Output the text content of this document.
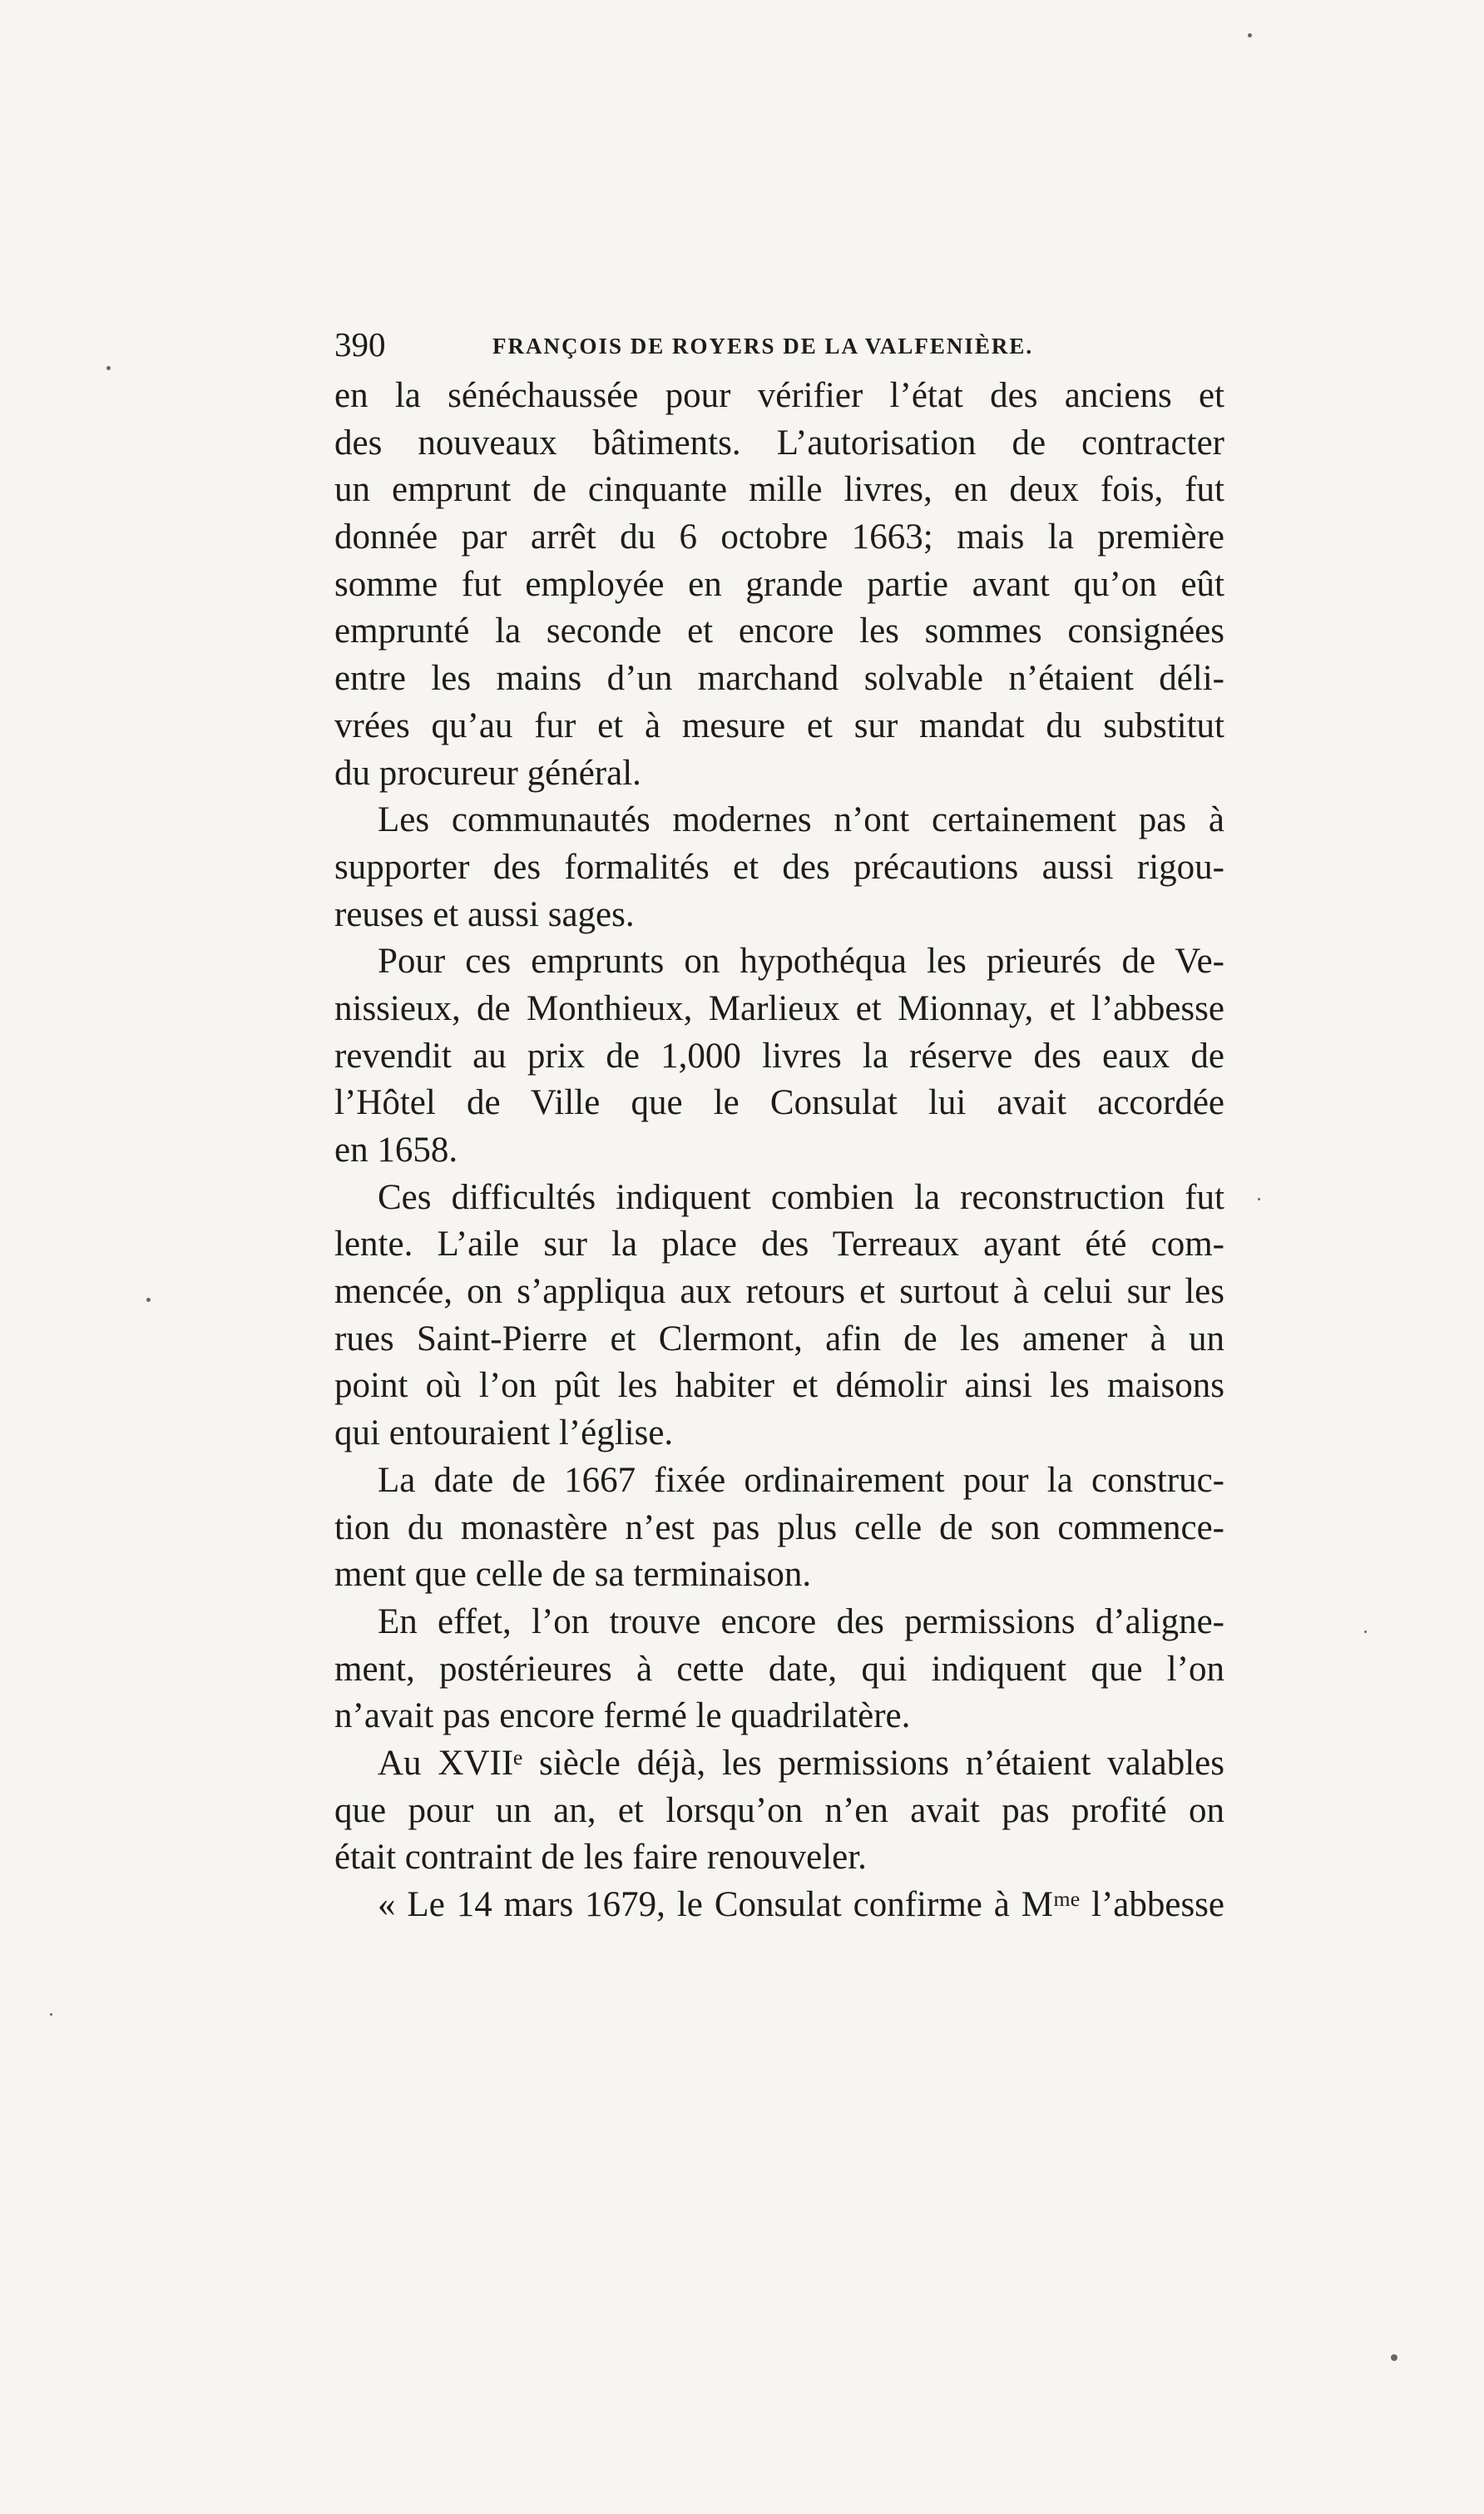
390	FRANÇOIS DE ROYERS DE LA VALFENIÈRE.
en la sénéchaussée pour vérifier l’état des anciens et
des nouveaux bâtiments. L’autorisation de contracter
un emprunt de cinquante mille livres, en deux fois, fut
donnée par arrêt du 6 octobre 1663; mais la première
somme fut employée en grande partie avant qu’on eût
emprunté la seconde et encore les sommes consignées
entre les mains d’un marchand solvable n’étaient déli-
vrées qu’au fur et à mesure et sur mandat du substitut
du procureur général.
Les communautés modernes n’ont certainement pas à
supporter des formalités et des précautions aussi rigou-
reuses et aussi sages.
Pour ces emprunts on hypothéqua les prieurés de Ve-
nissieux, de Monthieux, Marlieux et Mionnay, et l’abbesse
revendit au prix de 1,000 livres la réserve des eaux de
l’Hôtel de Ville que le Consulat lui avait accordée
en 1658.
Ces difficultés indiquent combien la reconstruction fut
lente. L’aile sur la place des Terreaux ayant été com-
mencée, on s’appliqua aux retours et surtout à celui sur les
rues Saint-Pierre et Clermont, afin de les amener à un
point où l’on pût les habiter et démolir ainsi les maisons
qui entouraient l’église.
La date de 1667 fixée ordinairement pour la construc-
tion du monastère n’est pas plus celle de son commence-
ment que celle de sa terminaison.
En effet, l’on trouve encore des permissions d’aligne-
ment, postérieures à cette date, qui indiquent que l’on
n’avait pas encore fermé le quadrilatère.
Au XVIIᵉ siècle déjà, les permissions n’étaient valables
que pour un an, et lorsqu’on n’en avait pas profité on
était contraint de les faire renouveler.
« Le 14 mars 1679, le Consulat confirme à Mᵐᵉ l’abbesse
